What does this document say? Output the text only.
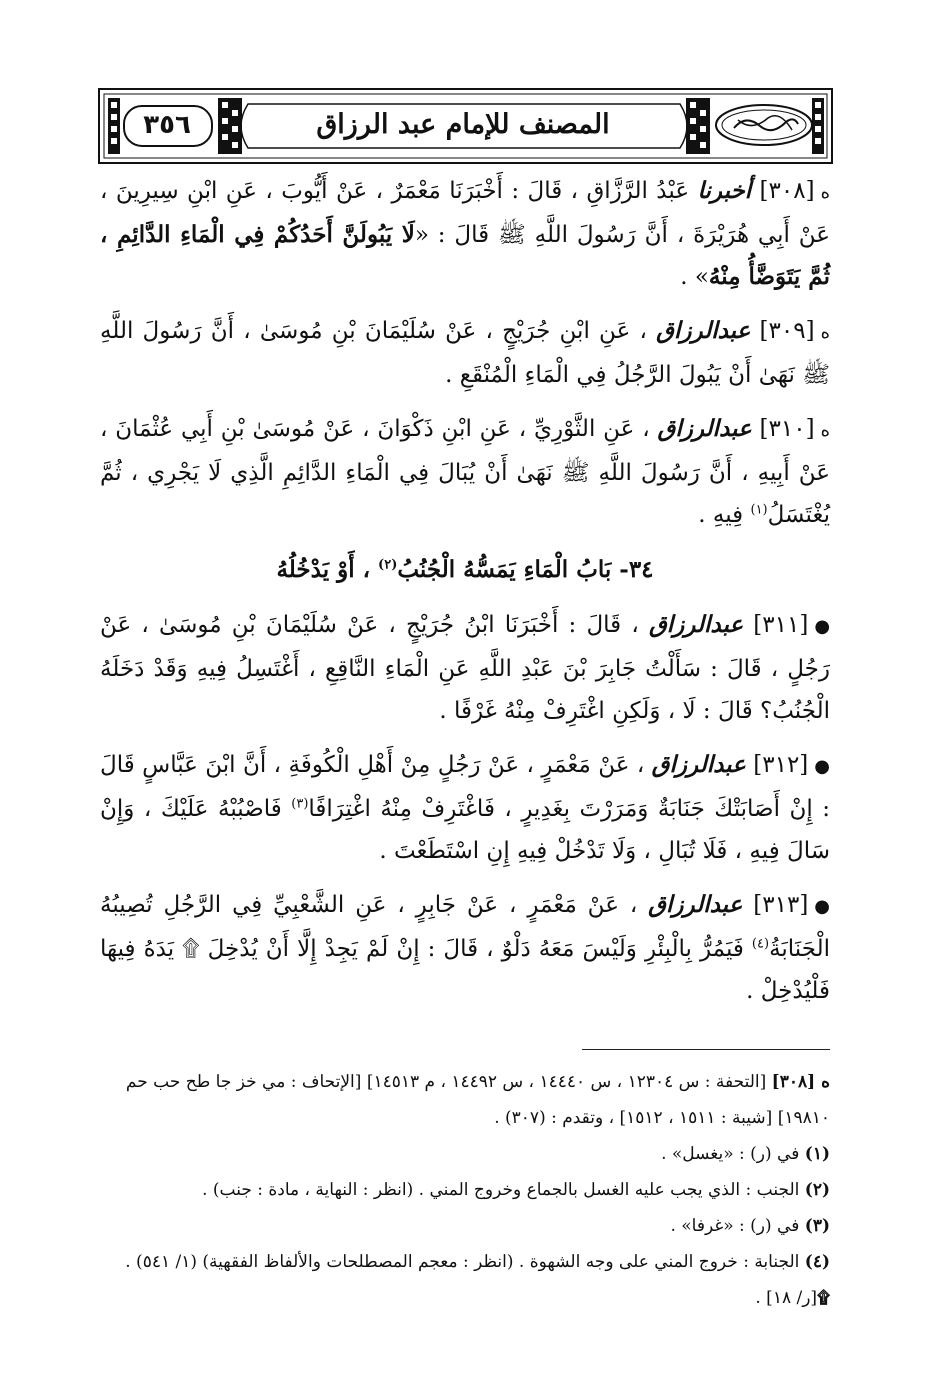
٣٥٦	المصنف للإمام عبد الرزاق

ه[٣٠٨] أخبرنا عَبْدُ الرَّزَّاقِ ، قَالَ : أَخْبَرَنَا مَعْمَرٌ ، عَنْ أَيُّوبَ ، عَنِ ابْنِ سِيرِينَ ، عَنْ أَبِي هُرَيْرَةَ ، أَنَّ رَسُولَ اللَّهِ ﷺ قَالَ : «لَا يَبُولَنَّ أَحَدُكُمْ فِي الْمَاءِ الدَّائِمِ ، ثُمَّ يَتَوَضَّأُ مِنْهُ» .

ه[٣٠٩] عبدالرزاق ، عَنِ ابْنِ جُرَيْجٍ ، عَنْ سُلَيْمَانَ بْنِ مُوسَىٰ ، أَنَّ رَسُولَ اللَّهِ ﷺ نَهَىٰ أَنْ يَبُولَ الرَّجُلُ فِي الْمَاءِ الْمُنْقَعِ .

ه[٣١٠] عبدالرزاق ، عَنِ الثَّوْرِيِّ ، عَنِ ابْنِ ذَكْوَانَ ، عَنْ مُوسَىٰ بْنِ أَبِي عُثْمَانَ ، عَنْ أَبِيهِ ، أَنَّ رَسُولَ اللَّهِ ﷺ نَهَىٰ أَنْ يُبَالَ فِي الْمَاءِ الدَّائِمِ الَّذِي لَا يَجْرِي ، ثُمَّ يُغْتَسَلُ$^{(١)}$ فِيهِ .

٣٤- بَابُ الْمَاءِ يَمَسُّهُ الْجُنُبُ$^{(٢)}$ ، أَوْ يَدْخُلُهُ

●[٣١١] عبدالرزاق ، قَالَ : أَخْبَرَنَا ابْنُ جُرَيْجٍ ، عَنْ سُلَيْمَانَ بْنِ مُوسَىٰ ، عَنْ رَجُلٍ ، قَالَ : سَأَلْتُ جَابِرَ بْنَ عَبْدِ اللَّهِ عَنِ الْمَاءِ النَّاقِعِ ، أَغْتَسِلُ فِيهِ وَقَدْ دَخَلَهُ الْجُنُبُ؟ قَالَ : لَا ، وَلَكِنِ اغْتَرِفْ مِنْهُ غَرْفًا .

●[٣١٢] عبدالرزاق ، عَنْ مَعْمَرٍ ، عَنْ رَجُلٍ مِنْ أَهْلِ الْكُوفَةِ ، أَنَّ ابْنَ عَبَّاسٍ قَالَ : إِنْ أَصَابَتْكَ جَنَابَةٌ وَمَرَرْتَ بِغَدِيرٍ ، فَاغْتَرِفْ مِنْهُ اغْتِرَافًا$^{(٣)}$ فَاصْبُبْهُ عَلَيْكَ ، وَإِنْ سَالَ فِيهِ ، فَلَا تُبَالِ ، وَلَا تَدْخُلْ فِيهِ إِنِ اسْتَطَعْتَ .

●[٣١٣] عبدالرزاق ، عَنْ مَعْمَرٍ ، عَنْ جَابِرٍ ، عَنِ الشَّعْبِيِّ فِي الرَّجُلِ تُصِيبُهُ الْجَنَابَةُ$^{(٤)}$ فَيَمُرُّ بِالْبِئْرِ وَلَيْسَ مَعَهُ دَلْوٌ ، قَالَ : إِنْ لَمْ يَجِدْ إِلَّا أَنْ يُدْخِلَ ۩ يَدَهُ فِيهَا فَلْيُدْخِلْ .

ه [٣٠٨] [التحفة : س ١٢٣٠٤ ، س ١٤٤٤٠ ، س ١٤٤٩٢ ، م ١٤٥١٣] [الإتحاف : مي خز جا طح حب حم ١٩٨١٠] [شيبة : ١٥١١ ، ١٥١٢] ، وتقدم : (٣٠٧) .

(١) في (ر) : «يغسل» .

(٢) الجنب : الذي يجب عليه الغسل بالجماع وخروج المني . (انظر : النهاية ، مادة : جنب) .

(٣) في (ر) : «غرفا» .

(٤) الجنابة : خروج المني على وجه الشهوة . (انظر : معجم المصطلحات والألفاظ الفقهية) (١/ ٥٤١) .

۩[ر/ ١٨] .
